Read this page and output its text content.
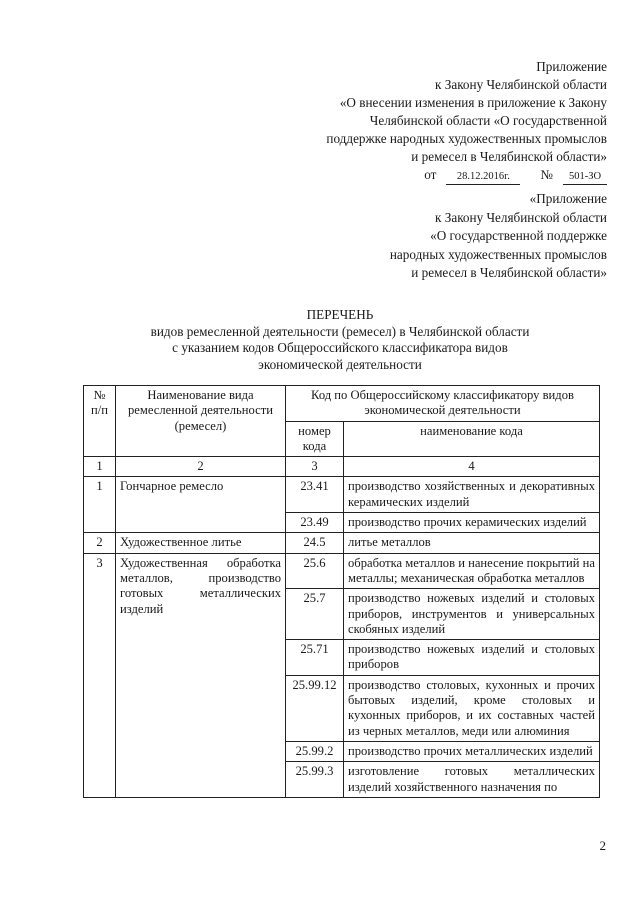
Приложение
к Закону Челябинской области
«О внесении изменения в приложение к Закону
Челябинской области «О государственной
поддержке народных художественных промыслов
и ремесел в Челябинской области»
от 28.12.2016г. № 501-ЗО
«Приложение
к Закону Челябинской области
«О государственной поддержке
народных художественных промыслов
и ремесел в Челябинской области»
ПЕРЕЧЕНЬ
видов ремесленной деятельности (ремесел) в Челябинской области
с указанием кодов Общероссийского классификатора видов
экономической деятельности
№ п/п	Наименование вида ремесленной деятельности (ремесел)	Код по Общероссийскому классификатору видов экономической деятельности	
		номер кода	наименование кода
1	2	3	4
1	Гончарное ремесло	23.41	производство хозяйственных и декоративных керамических изделий
		23.49	производство прочих керамических изделий
2	Художественное литье	24.5	литье металлов
3	Художественная обработка металлов, производство готовых металлических изделий	25.6	обработка металлов и нанесение покрытий на металлы; механическая обработка металлов
		25.7	производство ножевых изделий и столовых приборов, инструментов и универсальных скобяных изделий
		25.71	производство ножевых изделий и столовых приборов
		25.99.12	производство столовых, кухонных и прочих бытовых изделий, кроме столовых и кухонных приборов, и их составных частей из черных металлов, меди или алюминия
		25.99.2	производство прочих металлических изделий
		25.99.3	изготовление готовых металлических изделий хозяйственного назначения по
2
